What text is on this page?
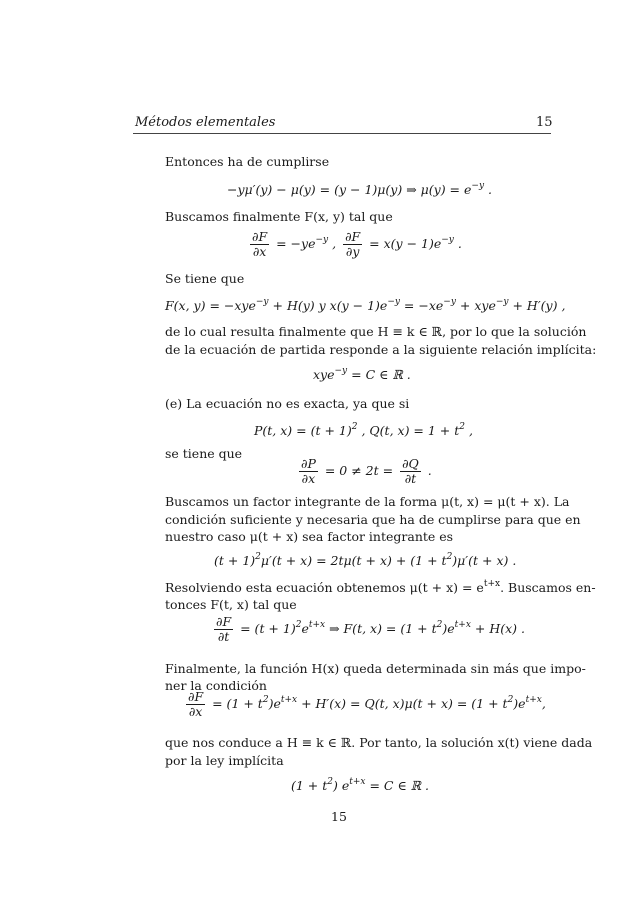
Métodos elementales	15
Entonces ha de cumplirse
−yμ′(y) − μ(y) = (y − 1)μ(y) ⇒ $\mu(y) = e^{-y}$ .
Buscamos finalmente F(x, y) tal que
$\frac{\partial F}{\partial x} = -ye^{-y}$ , $\frac{\partial F}{\partial y} = x(y - 1)e^{-y}$ .
Se tiene que
F(x, y) = −xye$^{-y}$ + H(y) y $x(y - 1)e^{-y} = -xe^{-y} + xye^{-y} + H'(y)$ ,
de lo cual resulta finalmente que H ≡ k ∈ ℝ, por lo que la solución
de la ecuación de partida responde a la siguiente relación implícita:
xye$^{-y}$ = C ∈ ℝ .
(e) La ecuación no es exacta, ya que si
P(t, $x) = (t + 1)^2$ , Q(t, $x) = 1 + t^2$ ,
se tiene que
$\frac{\partial P}{\partial x} = 0 \ne 2t = \frac{\partial Q}{\partial t}$ .
Buscamos un factor integrante de la forma μ(t, x) = μ(t + x). La
condición suficiente y necesaria que ha de cumplirse para que en
nuestro caso μ(t + x) sea factor integrante es
$(t + 1)^2\mu'(t + x) = 2t\mu(t + x) + (1 + t^2)\mu'(t + x)$ .
Resolviendo esta ecuación obtenemos $\mu(t + x) = e^{t+x}$. Buscamos en-
tonces F(t, x) tal que
$\frac{\partial F}{\partial t} = (t + 1)^2e^{t+x}$ ⇒ F(t, $x) = (1 + t^2)e^{t+x} + H(x)$ .
Finalmente, la función H(x) queda determinada sin más que impo-
ner la condición
$\frac{\partial F}{\partial x} = (1 + t^2)e^{t+x} + H'(x) = Q(t$, $x)\mu(t + x) = (1 + t^2)e^{t+x}$,
que nos conduce a H ≡ k ∈ ℝ. Por tanto, la solución x(t) viene dada
por la ley implícita
$(1 + t^2)$ $e^{t+x} = C$ ∈ ℝ .
15
